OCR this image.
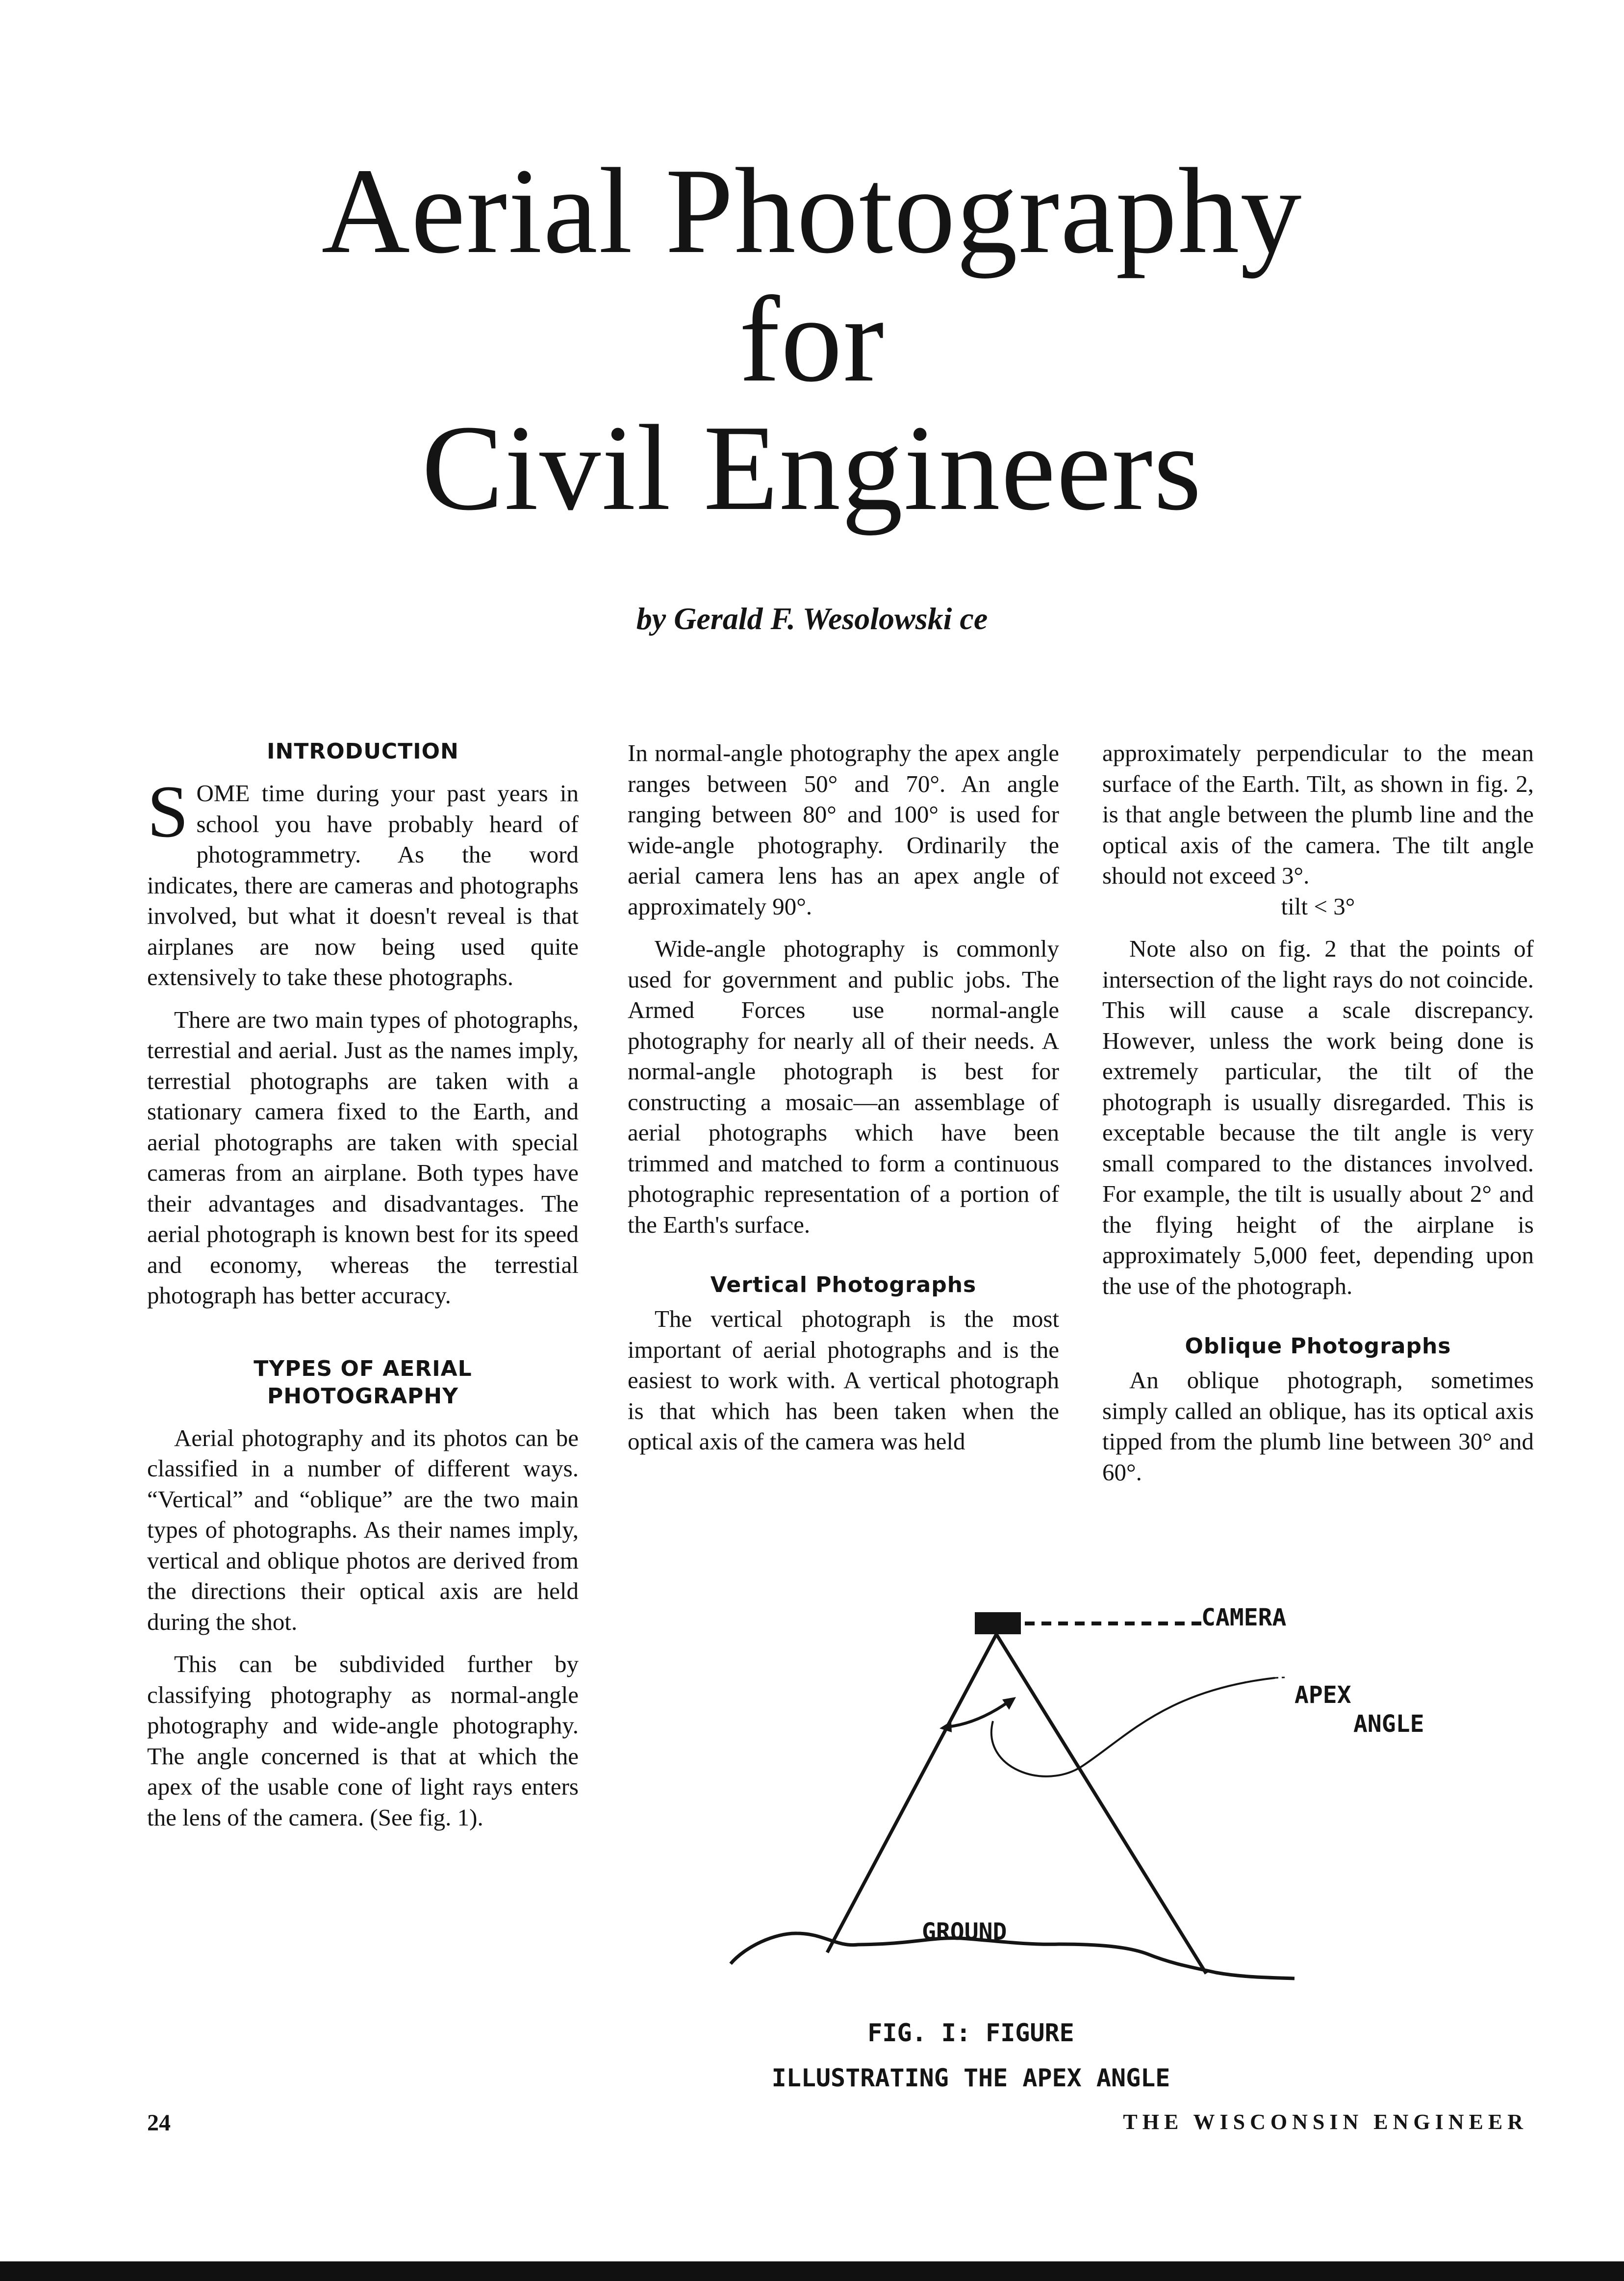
Aerial Photography
for
Civil Engineers
by Gerald F. Wesolowski ce
INTRODUCTION

SOME time during your past years in school you have probably heard of photogrammetry. As the word indicates, there are cameras and photographs involved, but what it doesn't reveal is that airplanes are now being used quite extensively to take these photographs.

There are two main types of photographs, terrestial and aerial. Just as the names imply, terrestial photographs are taken with a stationary camera fixed to the Earth, and aerial photographs are taken with special cameras from an airplane. Both types have their advantages and disadvantages. The aerial photograph is known best for its speed and economy, whereas the terrestial photograph has better accuracy.

TYPES OF AERIAL
PHOTOGRAPHY

Aerial photography and its photos can be classified in a number of different ways. “Vertical” and “oblique” are the two main types of photographs. As their names imply, vertical and oblique photos are derived from the directions their optical axis are held during the shot.

This can be subdivided further by classifying photography as normal-angle photography and wide-angle photography. The angle concerned is that at which the apex of the usable cone of light rays enters the lens of the camera. (See fig. 1).

In normal-angle photography the apex angle ranges between 50° and 70°. An angle ranging between 80° and 100° is used for wide-angle photography. Ordinarily the aerial camera lens has an apex angle of approximately 90°.

Wide-angle photography is commonly used for government and public jobs. The Armed Forces use normal-angle photography for nearly all of their needs. A normal-angle photograph is best for constructing a mosaic—an assemblage of aerial photographs which have been trimmed and matched to form a continuous photographic representation of a portion of the Earth's surface.

Vertical Photographs

The vertical photograph is the most important of aerial photographs and is the easiest to work with. A vertical photograph is that which has been taken when the optical axis of the camera was held

approximately perpendicular to the mean surface of the Earth. Tilt, as shown in fig. 2, is that angle between the plumb line and the optical axis of the camera. The tilt angle should not exceed 3°.

tilt < 3°

Note also on fig. 2 that the points of intersection of the light rays do not coincide. This will cause a scale discrepancy. However, unless the work being done is extremely particular, the tilt of the photograph is usually disregarded. This is exceptable because the tilt angle is very small compared to the distances involved. For example, the tilt is usually about 2° and the flying height of the airplane is approximately 5,000 feet, depending upon the use of the photograph.

Oblique Photographs

An oblique photograph, sometimes simply called an oblique, has its optical axis tipped from the plumb line between 30° and 60°.

CAMERA
APEX
ANGLE
GROUND
FIG. I: FIGURE
ILLUSTRATING THE APEX ANGLE
24	THE WISCONSIN ENGINEER
